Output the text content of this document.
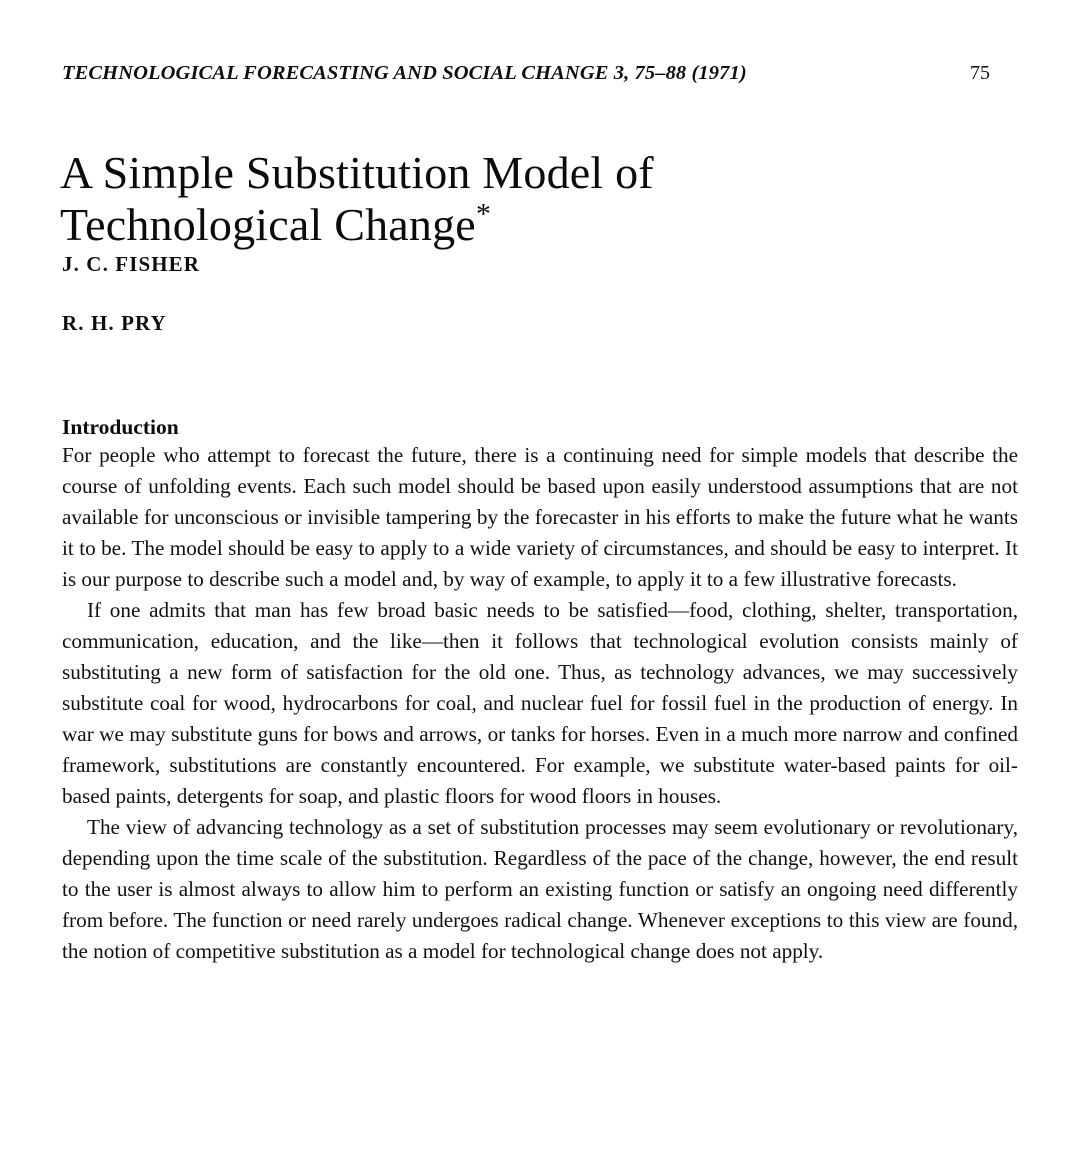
TECHNOLOGICAL FORECASTING AND SOCIAL CHANGE 3, 75–88 (1971)	75
A Simple Substitution Model of
Technological Change*
J. C. FISHER
R. H. PRY
Introduction

For people who attempt to forecast the future, there is a continuing need for simple models that describe the course of unfolding events. Each such model should be based upon easily understood assumptions that are not available for unconscious or invisible tampering by the forecaster in his efforts to make the future what he wants it to be. The model should be easy to apply to a wide variety of circumstances, and should be easy to interpret. It is our purpose to describe such a model and, by way of example, to apply it to a few illustrative forecasts.

If one admits that man has few broad basic needs to be satisfied—food, clothing, shelter, transportation, communication, education, and the like—then it follows that technological evolution consists mainly of substituting a new form of satisfaction for the old one. Thus, as technology advances, we may successively substitute coal for wood, hydrocarbons for coal, and nuclear fuel for fossil fuel in the production of energy. In war we may substitute guns for bows and arrows, or tanks for horses. Even in a much more narrow and confined framework, substitutions are constantly encountered. For example, we substitute water-based paints for oil-based paints, detergents for soap, and plastic floors for wood floors in houses.

The view of advancing technology as a set of substitution processes may seem evolutionary or revolutionary, depending upon the time scale of the substitution. Regardless of the pace of the change, however, the end result to the user is almost always to allow him to perform an existing function or satisfy an ongoing need differently from before. The function or need rarely undergoes radical change. Whenever exceptions to this view are found, the notion of competitive substitution as a model for technological change does not apply.
